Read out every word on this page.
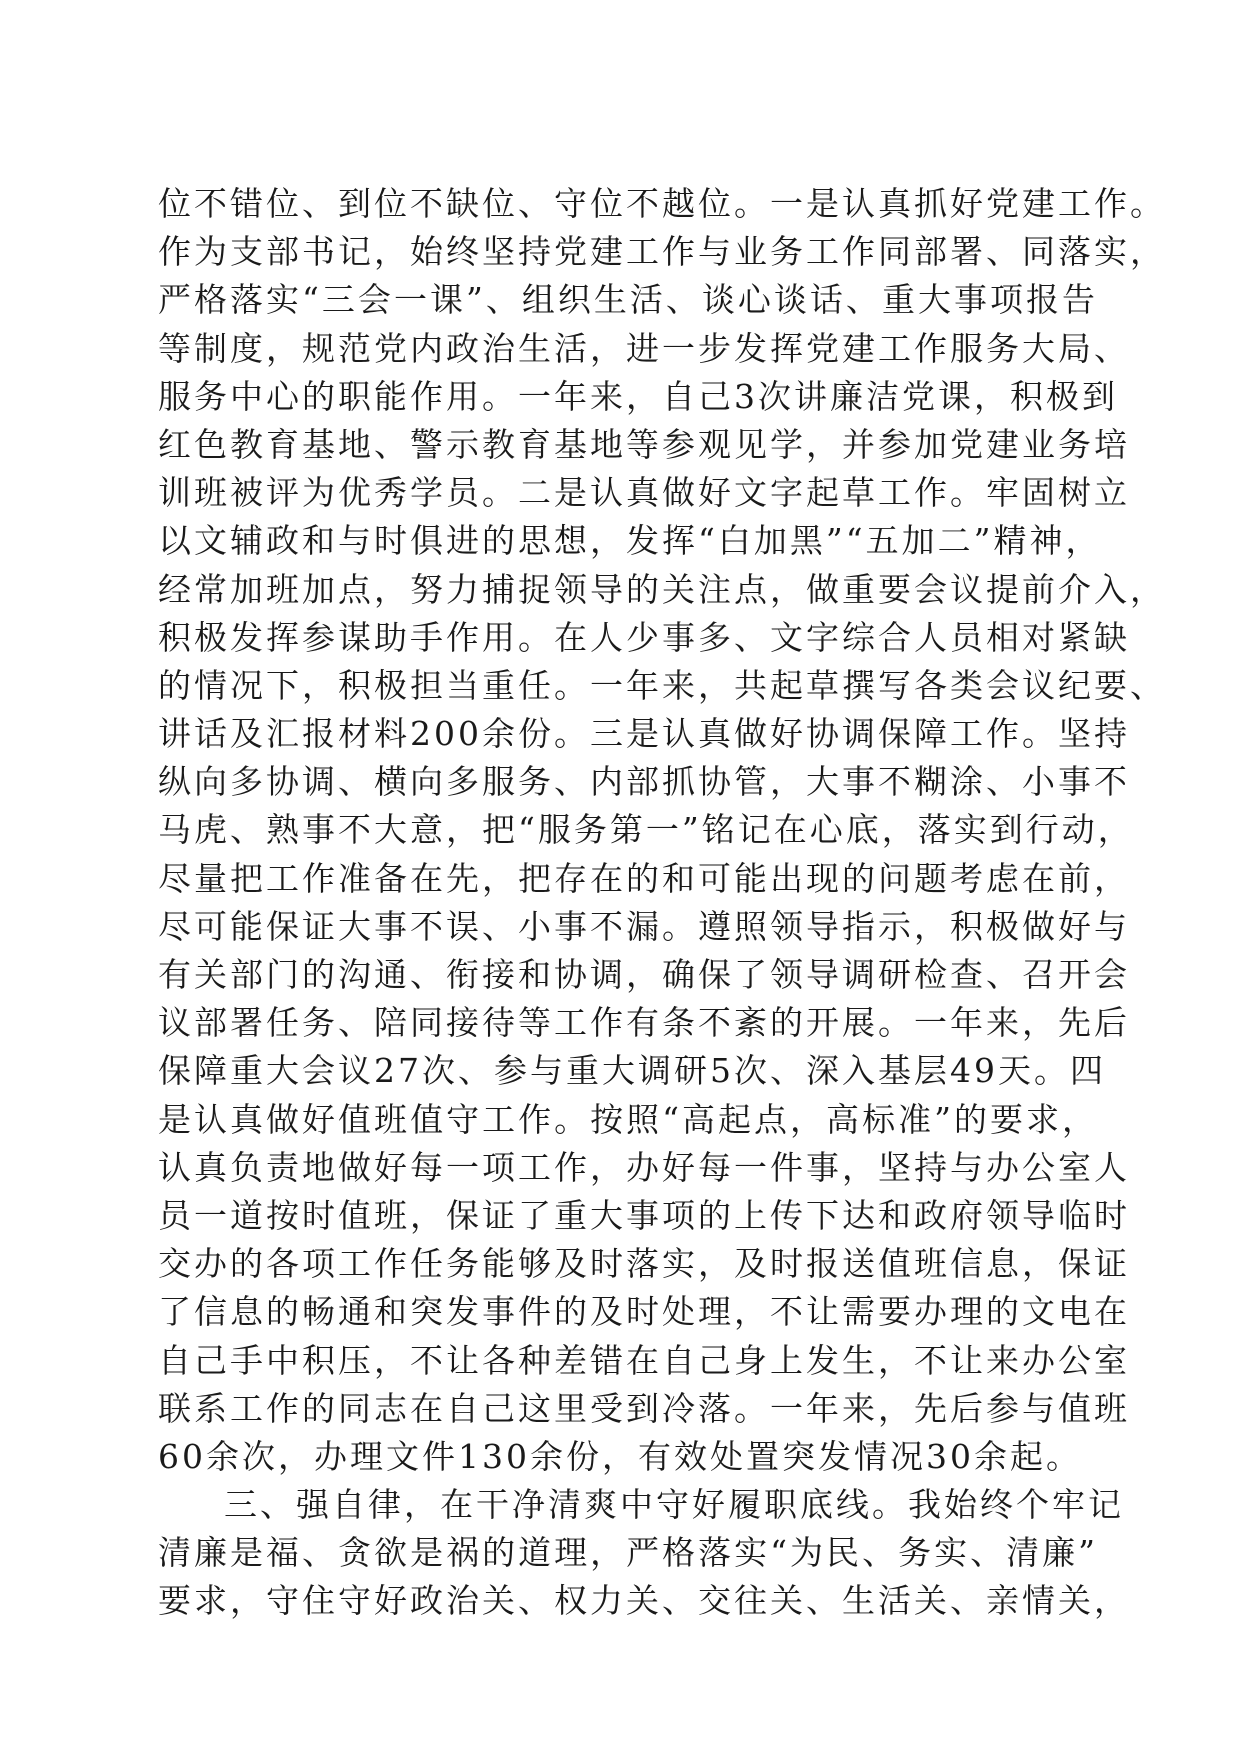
位不错位、到位不缺位、守位不越位。一是认真抓好党建工作。
作为支部书记，始终坚持党建工作与业务工作同部署、同落实，
严格落实“三会一课”、组织生活、谈心谈话、重大事项报告
等制度，规范党内政治生活，进一步发挥党建工作服务大局、
服务中心的职能作用。一年来，自己3次讲廉洁党课，积极到
红色教育基地、警示教育基地等参观见学，并参加党建业务培
训班被评为优秀学员。二是认真做好文字起草工作。牢固树立
以文辅政和与时俱进的思想，发挥“白加黑”“五加二”精神，
经常加班加点，努力捕捉领导的关注点，做重要会议提前介入，
积极发挥参谋助手作用。在人少事多、文字综合人员相对紧缺
的情况下，积极担当重任。一年来，共起草撰写各类会议纪要、
讲话及汇报材料200余份。三是认真做好协调保障工作。坚持
纵向多协调、横向多服务、内部抓协管，大事不糊涂、小事不
马虎、熟事不大意，把“服务第一”铭记在心底，落实到行动，
尽量把工作准备在先，把存在的和可能出现的问题考虑在前，
尽可能保证大事不误、小事不漏。遵照领导指示，积极做好与
有关部门的沟通、衔接和协调，确保了领导调研检查、召开会
议部署任务、陪同接待等工作有条不紊的开展。一年来，先后
保障重大会议27次、参与重大调研5次、深入基层49天。四
是认真做好值班值守工作。按照“高起点，高标准”的要求，
认真负责地做好每一项工作，办好每一件事，坚持与办公室人
员一道按时值班，保证了重大事项的上传下达和政府领导临时
交办的各项工作任务能够及时落实，及时报送值班信息，保证
了信息的畅通和突发事件的及时处理，不让需要办理的文电在
自己手中积压，不让各种差错在自己身上发生，不让来办公室
联系工作的同志在自己这里受到冷落。一年来，先后参与值班
60余次，办理文件130余份，有效处置突发情况30余起。
三、强自律，在干净清爽中守好履职底线。我始终个牢记
清廉是福、贪欲是祸的道理，严格落实“为民、务实、清廉”
要求，守住守好政治关、权力关、交往关、生活关、亲情关，
